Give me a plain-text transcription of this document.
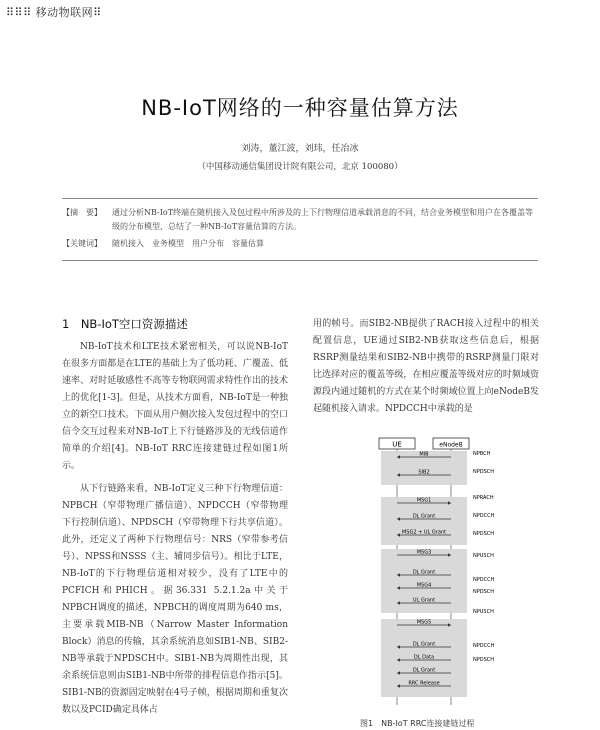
⠿⠿⠿ 移动物联网⠿
NB-IoT网络的一种容量估算方法
刘涛，董江波，刘玮，任冶冰
（中国移动通信集团设计院有限公司，北京 100080）
【摘　要】	通过分析NB-IoT终端在随机接入及包过程中所涉及的上下行物理信道承载消息的不同，结合业务模型和用户在各覆盖等级的分布模型，总结了一种NB-IoT容量估算的方法。
【关键词】	随机接入　业务模型　用户分布　容量估算
1　NB-IoT空口资源描述

NB-IoT技术和LTE技术紧密相关，可以说NB-IoT在很多方面都是在LTE的基础上为了低功耗、广覆盖、低速率、对时延敏感性不高等专物联网需求特性作出的技术上的优化[1-3]。但是，从技术方面看，NB-IoT是一种独立的新空口技术。下面从用户侧次接入发包过程中的空口信令交互过程来对NB-IoT上下行链路涉及的无线信道作简单的介绍[4]。NB-IoT RRC连接建链过程如图1所示。

从下行链路来看，NB-IoT定义三种下行物理信道：NPBCH（窄带物理广播信道）、NPDCCH（窄带物理下行控制信道）、NPDSCH（窄带物理下行共享信道）。此外，还定义了两种下行物理信号：NRS（窄带参考信号）、NPSS和NSSS（主、辅同步信号）。相比于LTE，NB-IoT的下行物理信道相对较少，没有了LTE中的PCFICH和PHICH。据36.331 5.2.1.2a中关于NPBCH调度的描述，NPBCH的调度周期为640 ms，主要承载MIB-NB（Narrow Master Information Block）消息的传输，其余系统消息如SIB1-NB、SIB2-NB等承载于NPDSCH中。SIB1-NB为周期性出现，其余系统信息则由SIB1-NB中所带的排程信息作指示[5]。SIB1-NB的资源固定映射在4号子帧，根据周期和重复次数以及PCID确定具体占

用的帧号。而SIB2-NB提供了RACH接入过程中的相关配置信息，UE通过SIB2-NB获取这些信息后，根据RSRP测量结果和SIB2-NB中携带的RSRP测量门限对比选择对应的覆盖等级，在相应覆盖等级对应的时频域资源段内通过随机的方式在某个时频域位置上向eNodeB发起随机接入请求。NPDCCH中承载的是

UE	eNodeB
MIB
SIB2
MSG1
DL Grant
MSG2 + UL Grant
MSG3
DL Grant
MSG4
UL Grant
MSG5
DL Grant
DL Data
DL Grant
RRC Release
NPBCH
NPDSCH
NPRACH
NPDCCH
NPDSCH
NPUSCH
NPDCCH
NPDSCH
NPUSCH
NPDCCH
NPDSCH
图1　NB-IoT RRC连接建链过程
